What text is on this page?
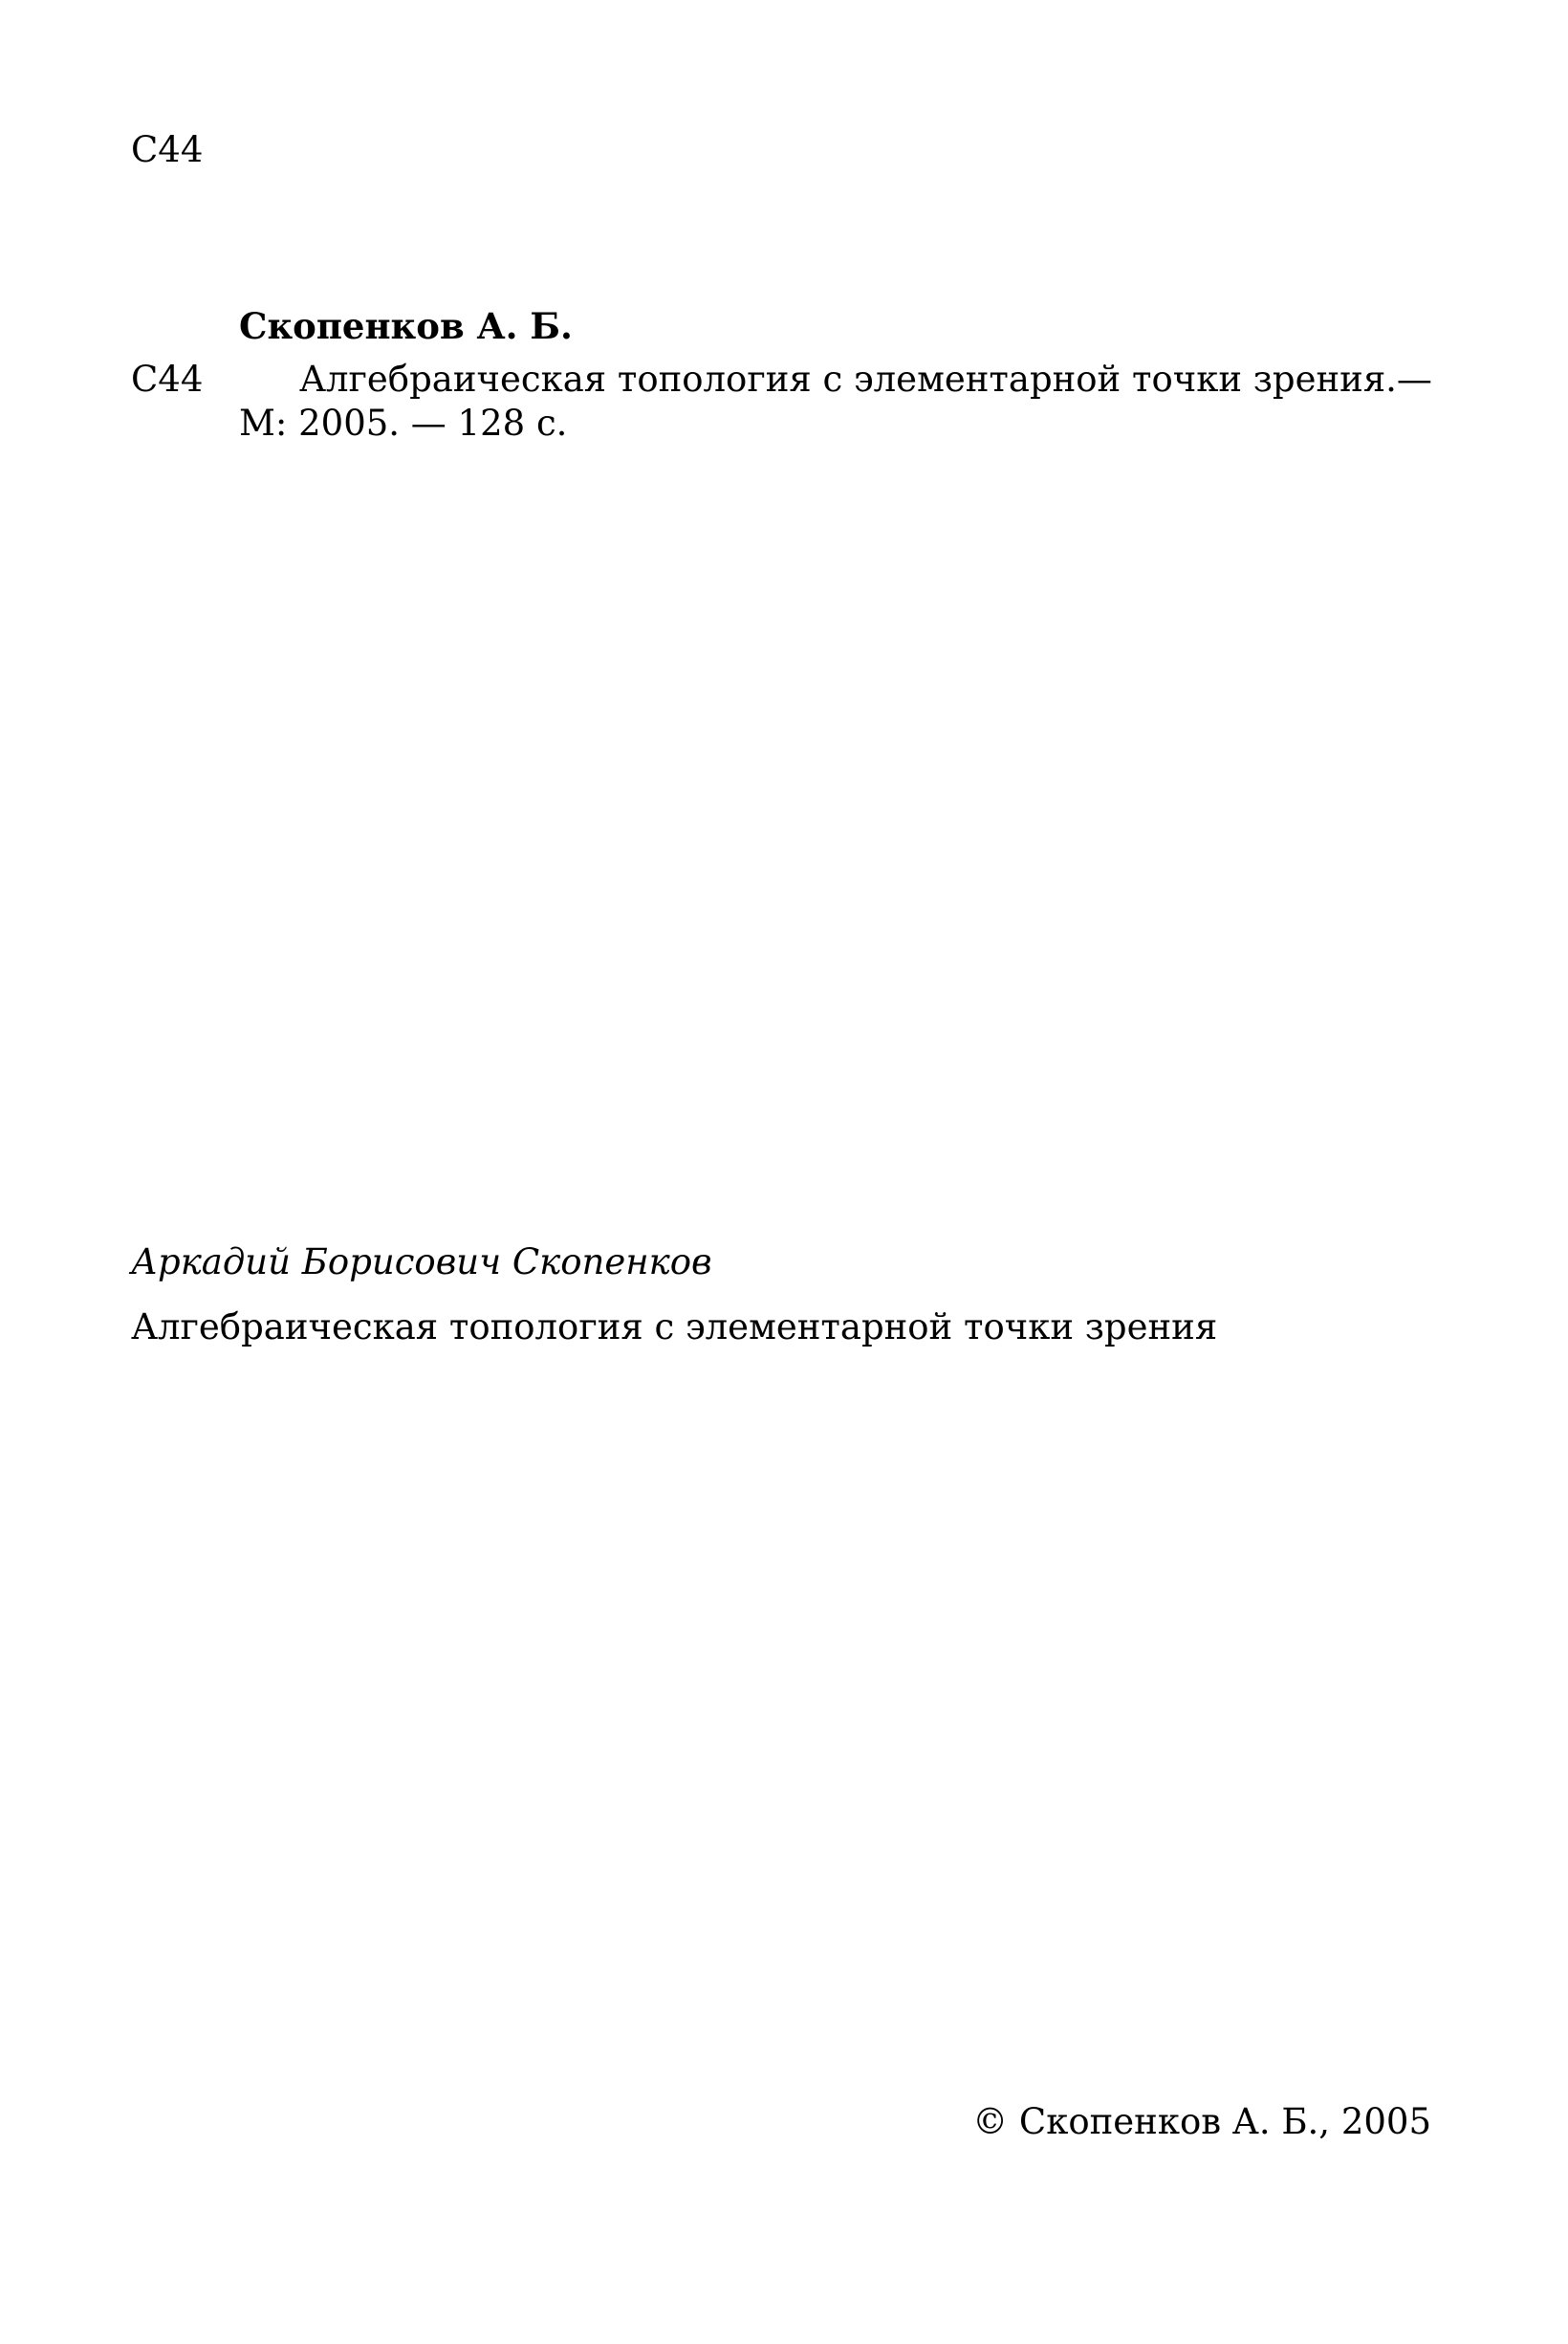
С44
Скопенков А. Б.
С44	Алгебраическая топология с элементарной точки зрения. —
М: 2005. — 128 с.
Аркадий Борисович Скопенков
Алгебраическая топология с элементарной точки зрения
© Скопенков А. Б., 2005
